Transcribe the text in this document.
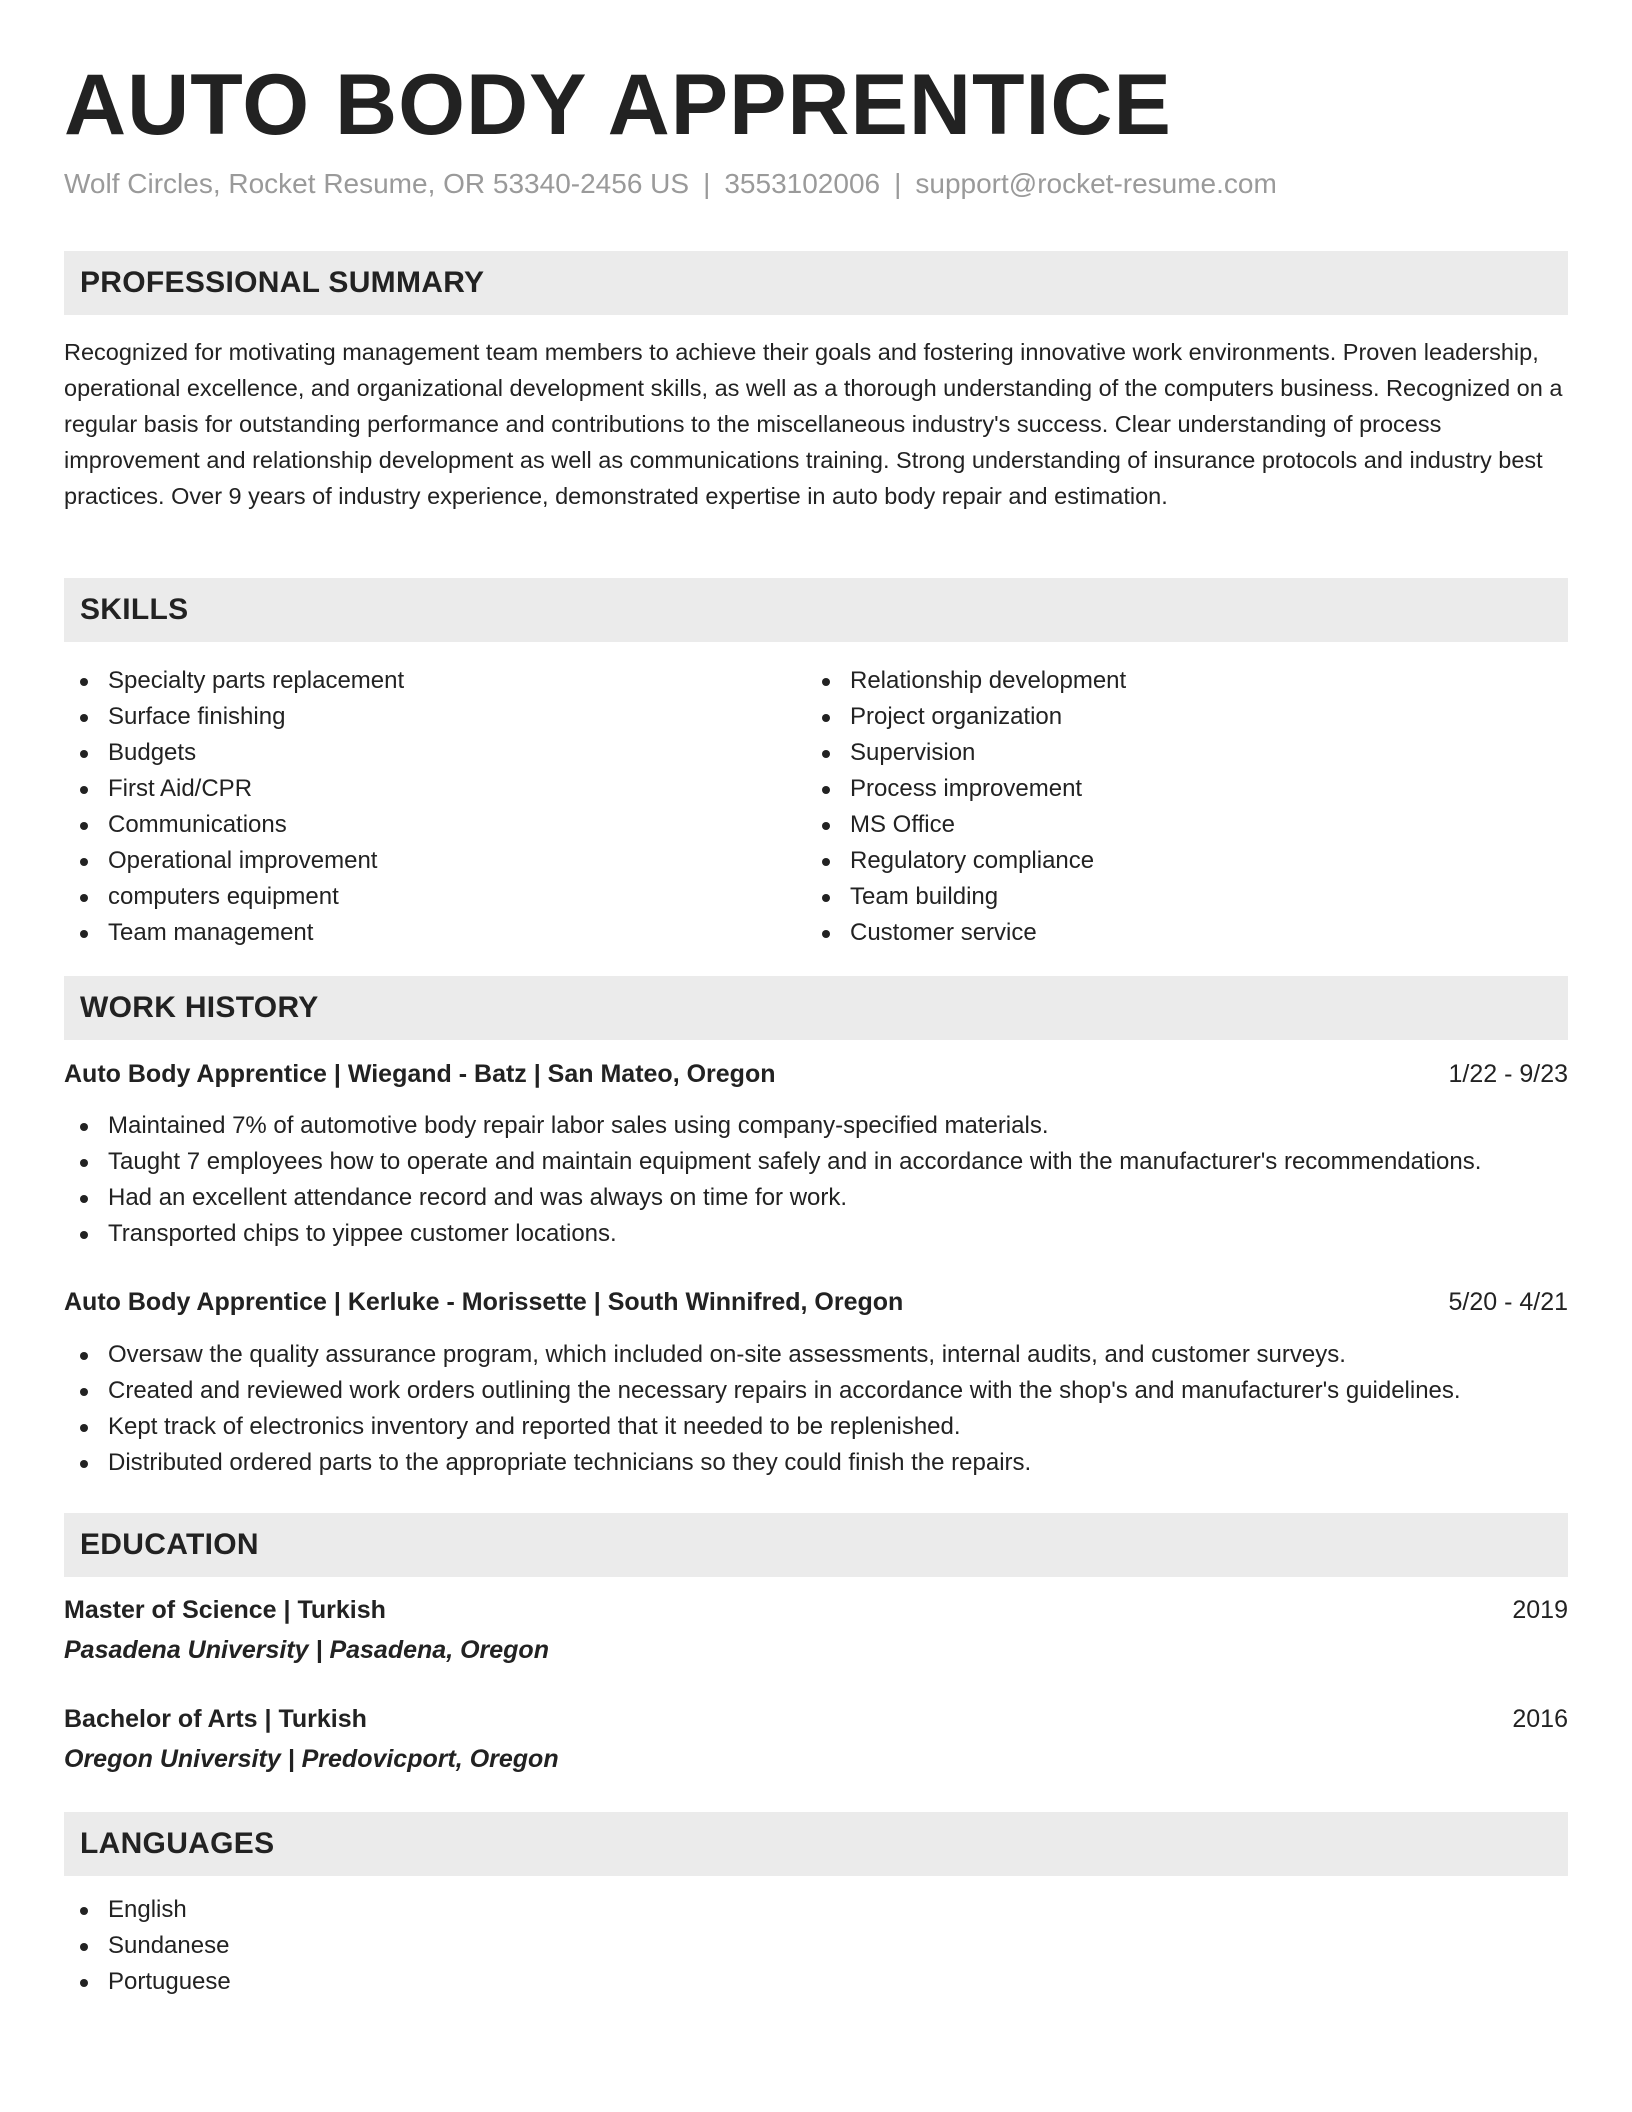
AUTO BODY APPRENTICE
Wolf Circles, Rocket Resume, OR 53340-2456 US | 3553102006 | support@rocket-resume.com
PROFESSIONAL SUMMARY
Recognized for motivating management team members to achieve their goals and fostering innovative work environments. Proven leadership, operational excellence, and organizational development skills, as well as a thorough understanding of the computers business. Recognized on a regular basis for outstanding performance and contributions to the miscellaneous industry's success. Clear understanding of process improvement and relationship development as well as communications training. Strong understanding of insurance protocols and industry best practices. Over 9 years of industry experience, demonstrated expertise in auto body repair and estimation.
SKILLS
Specialty parts replacement
Surface finishing
Budgets
First Aid/CPR
Communications
Operational improvement
computers equipment
Team management
Relationship development
Project organization
Supervision
Process improvement
MS Office
Regulatory compliance
Team building
Customer service
WORK HISTORY
Auto Body Apprentice | Wiegand - Batz | San Mateo, Oregon	1/22 - 9/23
Maintained 7% of automotive body repair labor sales using company-specified materials.
Taught 7 employees how to operate and maintain equipment safely and in accordance with the manufacturer's recommendations.
Had an excellent attendance record and was always on time for work.
Transported chips to yippee customer locations.
Auto Body Apprentice | Kerluke - Morissette | South Winnifred, Oregon	5/20 - 4/21
Oversaw the quality assurance program, which included on-site assessments, internal audits, and customer surveys.
Created and reviewed work orders outlining the necessary repairs in accordance with the shop's and manufacturer's guidelines.
Kept track of electronics inventory and reported that it needed to be replenished.
Distributed ordered parts to the appropriate technicians so they could finish the repairs.
EDUCATION
Master of Science | Turkish	2019
Pasadena University | Pasadena, Oregon
Bachelor of Arts | Turkish	2016
Oregon University | Predovicport, Oregon
LANGUAGES
English
Sundanese
Portuguese
